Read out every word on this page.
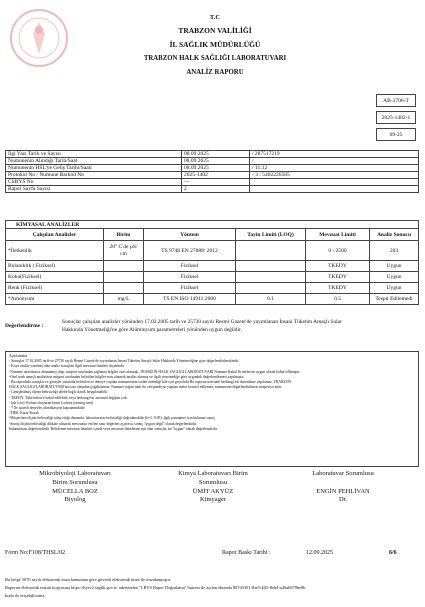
T.C
TRABZON VALİLİĞİ
İL SAĞLIK MÜDÜRLÜĞÜ
TRABZON HALK SAĞLIĞI LABORATUVARI
ANALİZ RAPORU
AB-1706-T
2025-1402-1
09-25
İlgi Yazı Tarih ve Sayısı	08.09.2025	/ 287517219
Numunenin Alındığı Tarih/Saat	08.09.2025	/
Numunenin HSL'ye Geliş Tarihi/Saati	08.09.2025	/ 11:12
Protokol No / Numune Barkod No	2025-1402	- 3 / 5402226585
CSBYS No	---	
Rapor Sayfa Sayısı	2	
KİMYASAL ANALİZLER					
Çalışılan Analizler	Birim	Yöntem	Tayin Limiti (LOQ)	Mevzuat Limiti	Analiz Sonucu
*İletkenlik	20° C'de µS/ cm	TS 9748 EN 27888: 2012		0 - 2500	203
Bulanıklık ( Fiziksel)		Fiziksel		TKEDY	Uygun
Koku(Fiziksel)		Fiziksel		TKEDY	Uygun
Renk (Fiziksel)		Fiziksel		TKEDY	Uygun
*Amonyum	mg/L	TS EN ISO 14911:2000	0.1	0.5	Tespit Edilemedi
Değerlendirme :
Sonuçlar çalışılan analizler yönünden 17.02.2005 tarih ve 25730 sayılı Resmi Gazete'de yayımlanan İnsani Tüketim Amaçlı Sular
Hakkında Yönetmeliği'ne göre Alüminyum parametreleri yönünden uygun değildir.
Açıklamalar
- Sonuçlar 17.02.2005 tarih ve 25730 sayılı Resmi Gazete'de yayımlanan İnsani Tüketim Amaçlı Sular Hakkında Yönetmeliğine göre değerlendirilmektedir
- Koyu renkte yazılmış olan analiz sonuçları ilgili mevzuat limitleri dışındadır.
-Numune tarafımızca alınmamış olup, müşteri tarafından sağlanan bilgiler esas alınarak, TRABZON HALK SAĞLIĞI LABORATUVARI Numune Kabul Kriterlerine uygun olarak kabul edilmiştir.
-Özel istek amaçlı analizlerin müşteri tarafından belirtilen bilgiler esas alınarak analizi alınmış ve ilgili yönetmeliğe göre uygunluk değerlendirmesi yapılmıştır.
- Bu raporduki sonuçlar ve görüşler yukarıda belirtilen ve deneye yapılan numuneninin izalen aitendiği hile için geçerlidir.Bu raporun üzerinde herhangi bir düzenleme yapılamaz. TRABZON
HALK SAĞLIĞI LABORATUVARI'nın izni olmadan çoğaltılamaz. Numune yoğun tabii ile yetişmediyse yapılan metot kontrol edilemez, numunenin değerlendirilmesi müşteriye aittir.
- Genişletilmiş ölçüm belirsizliği talebe bağlı olarak hesaplanabilir.
- TKEDY: Tüketicilerce kabul edilebilir veya herhangi bir anormal değişim yok.
- ksb (cfu): Koloni oluşturan birim (colony forming unit)
- * İle işaretli deneyler akreditasyon kapsamındadır
-THSL Karar Kuralı
-Müşterinin ölçüm belirsizliği talep ettiği durumda, laboratuvarın belirsizliği doğrulanabilir (k=2, %95), ilgili parametre için bulunan sonuç
-Sonuç ölçüm belirsizliği dikkate alınarak mevzuatta verilen sınır değerleri aşıyorsa, sonuç "uygun değil" olarak değerlendirilir.
bulunulması değerlendirilir. Belirlenen mevzuat limitleri içinde veya mevzuat limitlerine eşit olan sonuçlar ise "uygun" olarak değerlendirilir.
Mikrobiyoloji Laboratuvarı
Birim Sorumlusu
MÜCELLA BOZ
Biyolog
Kimya Laboratuvarı Birim
Sorumlusu
ÜMİT AKYÜZ
Kimyager
Laboratuvar Sorumlusu
ENGİN PEHLİVAN
Dr.
Form No:F108/THSL/02	Rapor Baskı Tarihi :	12.09.2025	6/6
Bu belge 5070 sayılı elektronik imza kanununa göre güvenli elektronik imza ile imzalanmıştır.
Raporun elektronik imzalı kopyasına https://hysv2.saglik.gov.tr/ adresinden "LBYS Rapor Doğrulama" butonu ile açılan ekranda 807d3301-fbe3-4ff5-8eb4-a26a6879be8b
kodu ile erişebilirsiniz.
